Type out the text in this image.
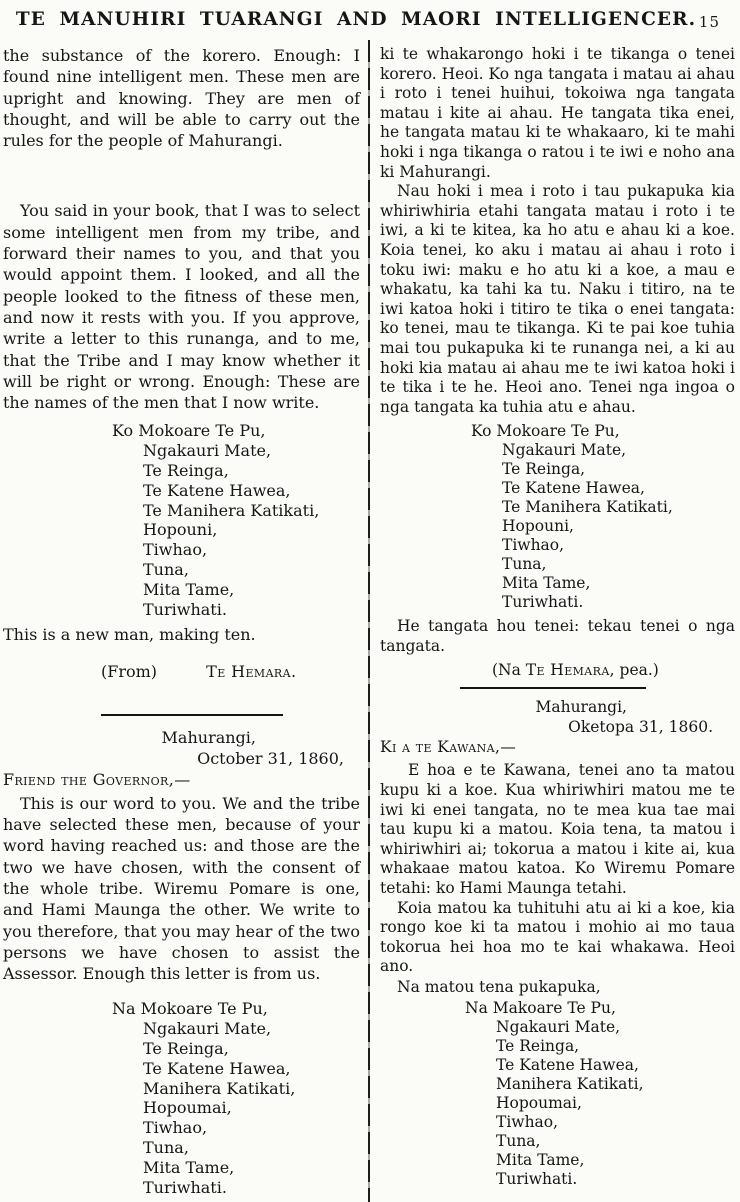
TE MANUHIRI TUARANGI AND MAORI INTELLIGENCER. 15

the substance of the korero. Enough: I found nine intelligent men. These men are upright and knowing. They are men of thought, and will be able to carry out the rules for the people of Mahurangi.

You said in your book, that I was to select some intelligent men from my tribe, and forward their names to you, and that you would appoint them. I looked, and all the people looked to the fitness of these men, and now it rests with you. If you approve, write a letter to this runanga, and to me, that the Tribe and I may know whether it will be right or wrong. Enough: These are the names of the men that I now write.

Ko Mokoare Te Pu,
Ngakauri Mate,
Te Reinga,
Te Katene Hawea,
Te Manihera Katikati,
Hopouni,
Tiwhao,
Tuna,
Mita Tame,
Turiwhati.

This is a new man, making ten.

(From)	Te Hemara.
Mahurangi,
October 31, 1860,
Friend the Governor,—

This is our word to you. We and the tribe have selected these men, because of your word having reached us: and those are the two we have chosen, with the consent of the whole tribe. Wiremu Pomare is one, and Hami Maunga the other. We write to you therefore, that you may hear of the two persons we have chosen to assist the Assessor. Enough this letter is from us.

Na Mokoare Te Pu,
Ngakauri Mate,
Te Reinga,
Te Katene Hawea,
Manihera Katikati,
Hopoumai,
Tiwhao,
Tuna,
Mita Tame,
Turiwhati.

ki te whakarongo hoki i te tikanga o tenei korero. Heoi. Ko nga tangata i matau ai ahau i roto i tenei huihui, tokoiwa nga tangata matau i kite ai ahau. He tangata tika enei, he tangata matau ki te whakaaro, ki te mahi hoki i nga tikanga o ratou i te iwi e noho ana ki Mahurangi.

Nau hoki i mea i roto i tau pukapuka kia whiriwhiria etahi tangata matau i roto i te iwi, a ki te kitea, ka ho atu e ahau ki a koe. Koia tenei, ko aku i matau ai ahau i roto i toku iwi: maku e ho atu ki a koe, a mau e whakatu, ka tahi ka tu. Naku i titiro, na te iwi katoa hoki i titiro te tika o enei tangata: ko tenei, mau te tikanga. Ki te pai koe tuhia mai tou pukapuka ki te runanga nei, a ki au hoki kia matau ai ahau me te iwi katoa hoki i te tika i te he. Heoi ano. Tenei nga ingoa o nga tangata ka tuhia atu e ahau.

Ko Mokoare Te Pu,
Ngakauri Mate,
Te Reinga,
Te Katene Hawea,
Te Manihera Katikati,
Hopouni,
Tiwhao,
Tuna,
Mita Tame,
Turiwhati.

He tangata hou tenei: tekau tenei o nga tangata.

(Na Te Hemara, pea.)
Mahurangi,
Oketopa 31, 1860.
Ki a te Kawana,—

E hoa e te Kawana, tenei ano ta matou kupu ki a koe. Kua whiriwhiri matou me te iwi ki enei tangata, no te mea kua tae mai tau kupu ki a matou. Koia tena, ta matou i whiriwhiri ai; tokorua a matou i kite ai, kua whakaae matou katoa. Ko Wiremu Pomare tetahi: ko Hami Maunga tetahi.

Koia matou ka tuhituhi atu ai ki a koe, kia rongo koe ki ta matou i mohio ai mo taua tokorua hei hoa mo te kai whakawa. Heoi ano.

Na matou tena pukapuka,
Na Makoare Te Pu,
Ngakauri Mate,
Te Reinga,
Te Katene Hawea,
Manihera Katikati,
Hopoumai,
Tiwhao,
Tuna,
Mita Tame,
Turiwhati.
